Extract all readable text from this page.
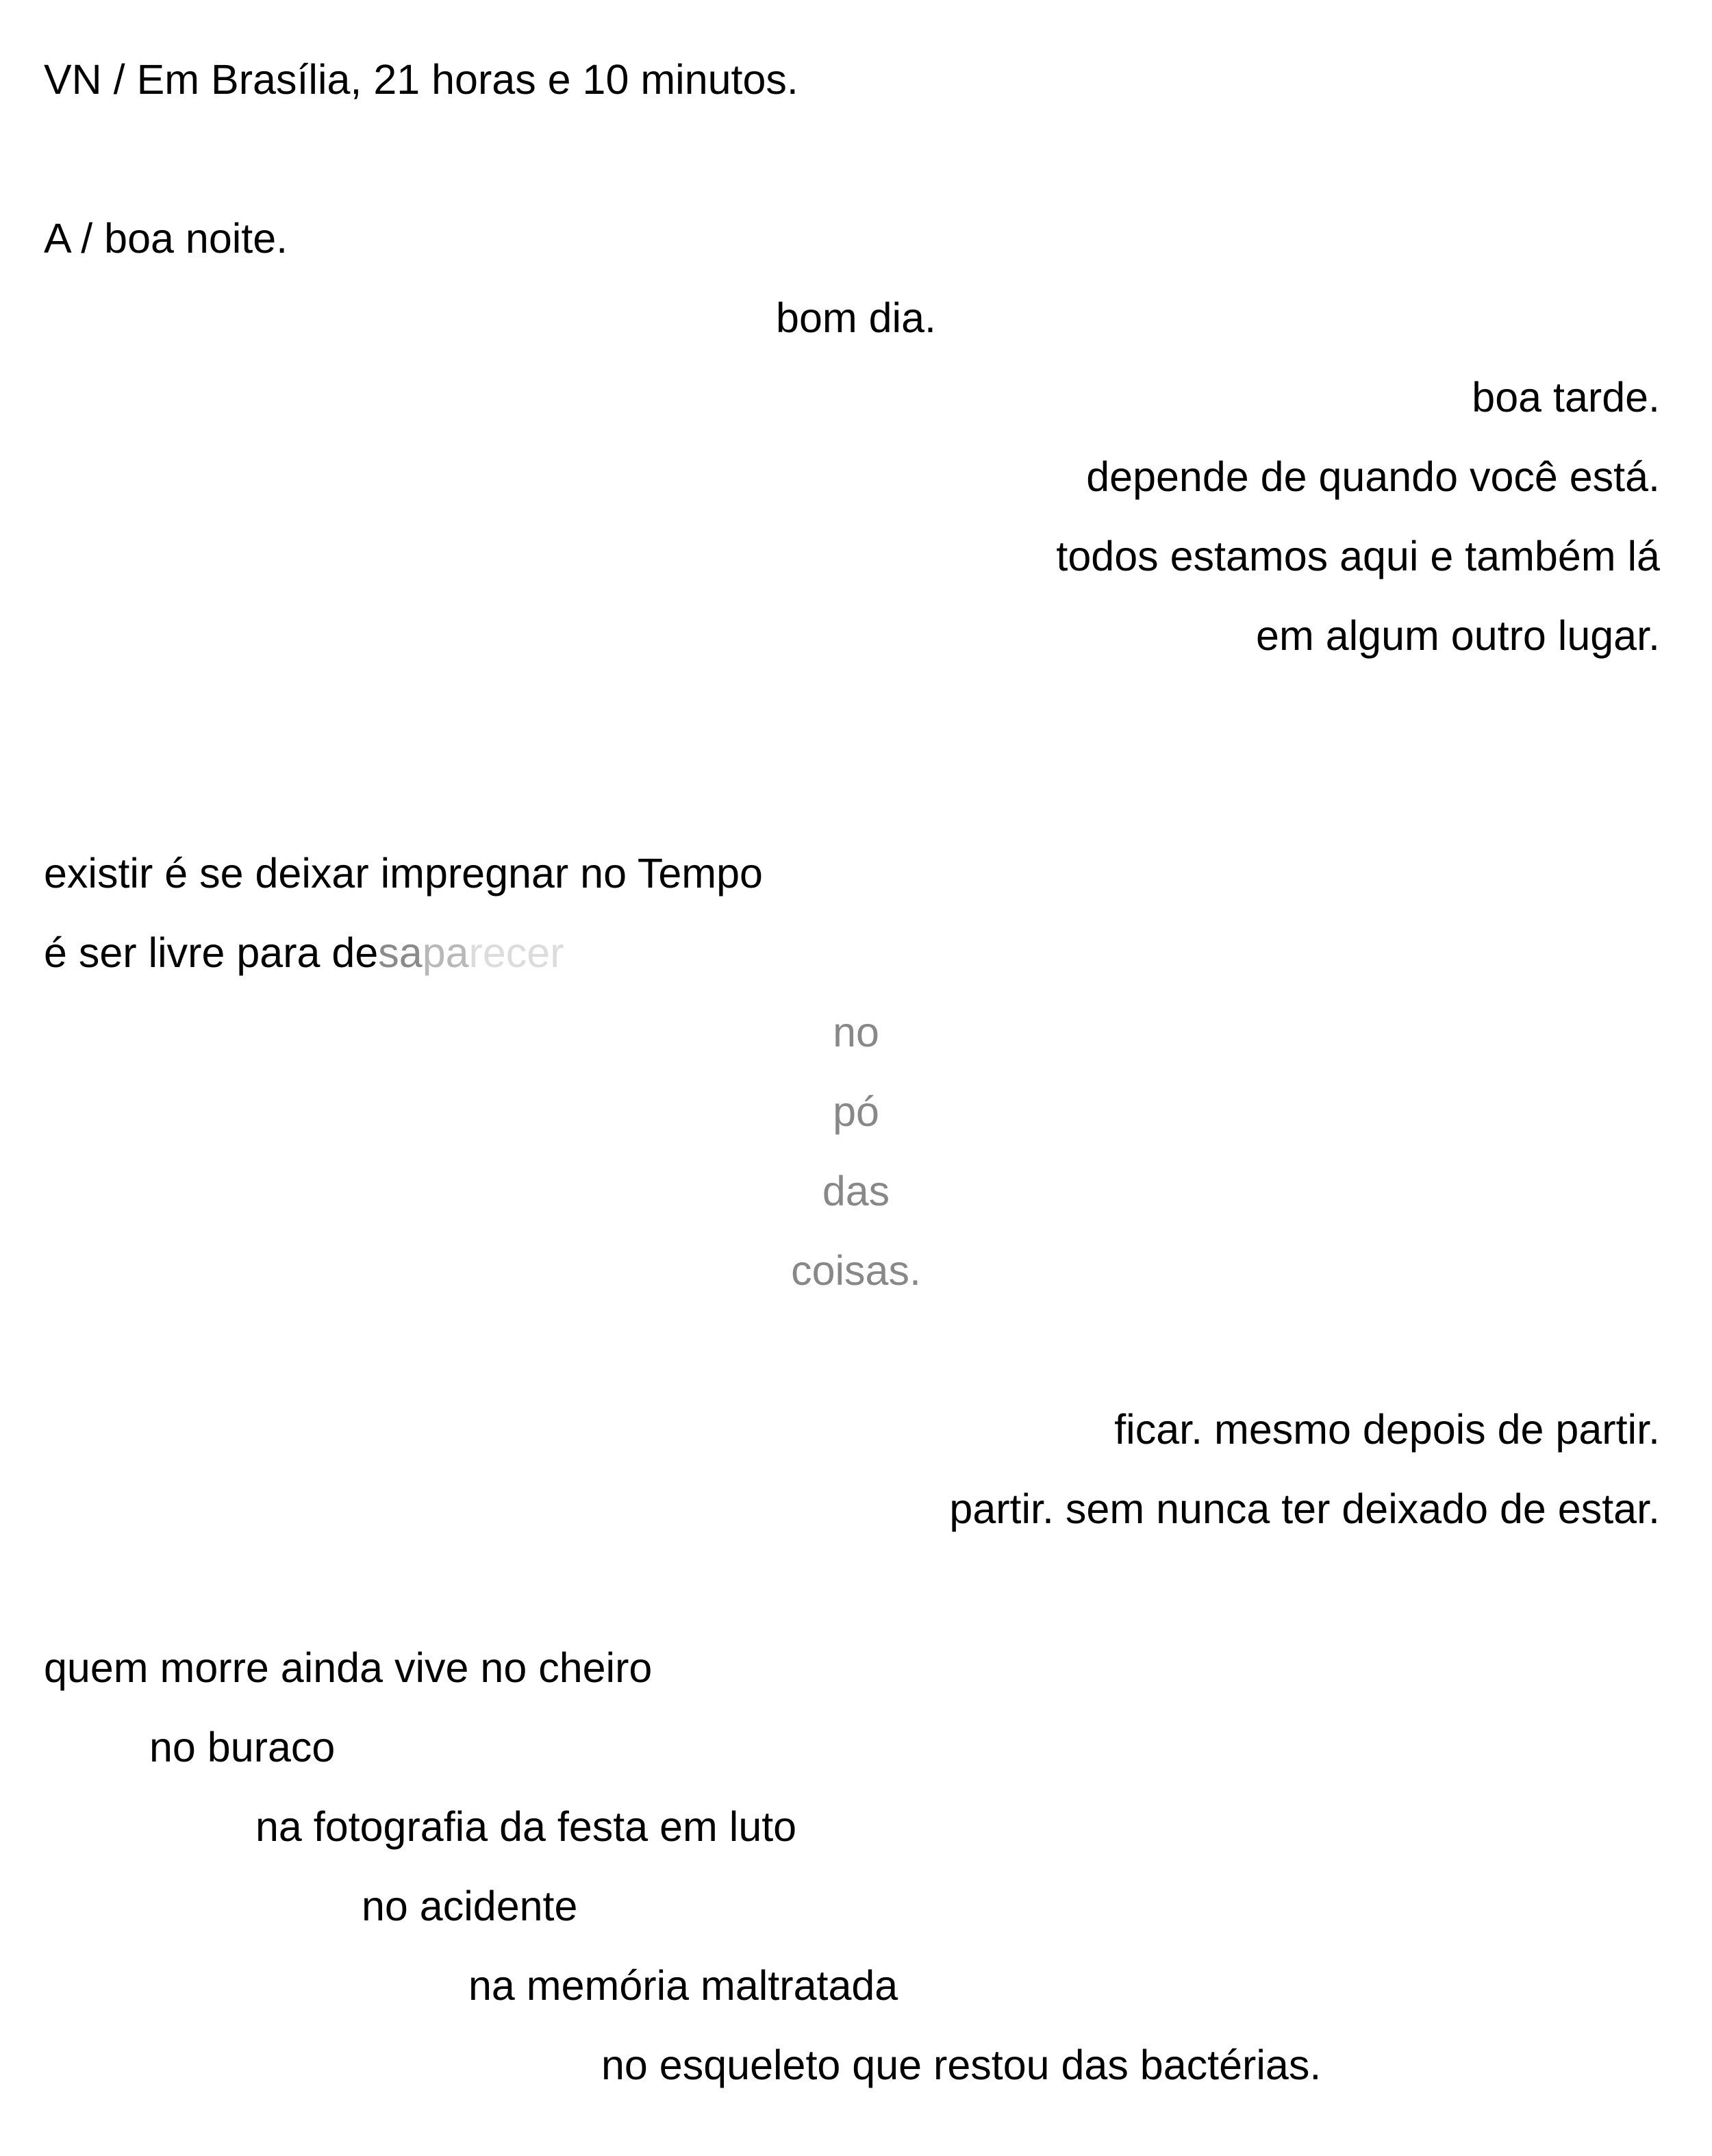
VN / Em Brasília, 21 horas e 10 minutos.

A / boa noite.

bom dia.

boa tarde.

depende de quando você está.

todos estamos aqui e também lá

em algum outro lugar.

existir é se deixar impregnar no Tempo

é ser livre para desaparecer

no

pó

das

coisas.

ficar. mesmo depois de partir.

partir. sem nunca ter deixado de estar.

quem morre ainda vive no cheiro

no buraco

na fotografia da festa em luto

no acidente

na memória maltratada

no esqueleto que restou das bactérias.
